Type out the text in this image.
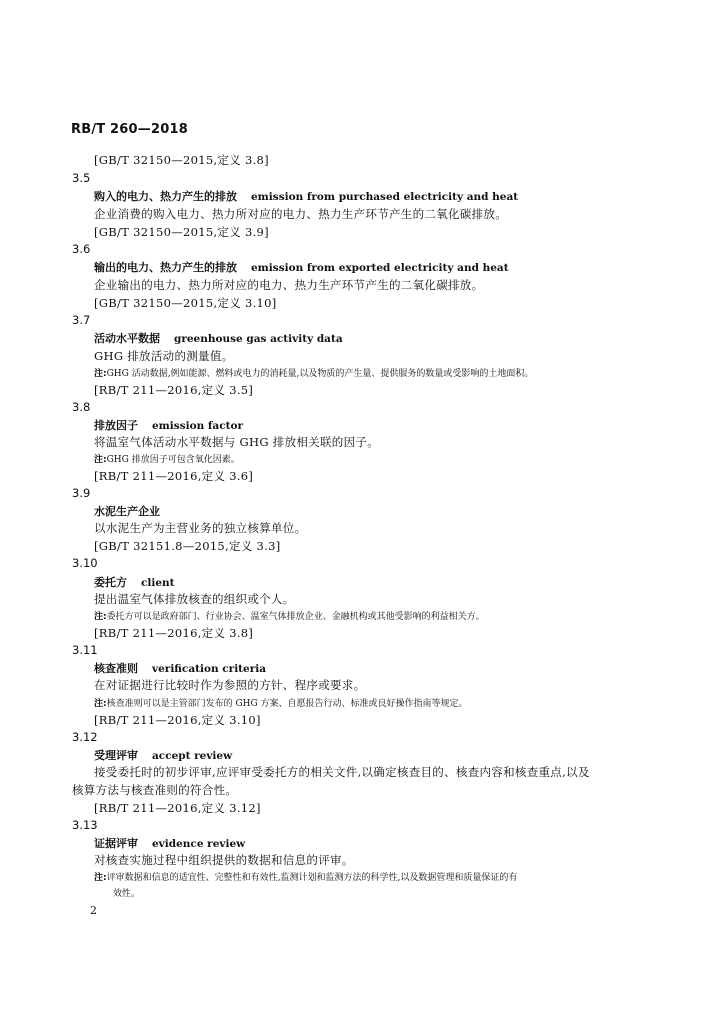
RB/T 260—2018
[GB/T 32150—2015,定义 3.8]
3.5
购入的电力、热力产生的排放 emission from purchased electricity and heat
企业消费的购入电力、热力所对应的电力、热力生产环节产生的二氧化碳排放。
[GB/T 32150—2015,定义 3.9]
3.6
输出的电力、热力产生的排放 emission from exported electricity and heat
企业输出的电力、热力所对应的电力、热力生产环节产生的二氧化碳排放。
[GB/T 32150—2015,定义 3.10]
3.7
活动水平数据 greenhouse gas activity data
GHG 排放活动的测量值。
注:GHG 活动数据,例如能源、燃料或电力的消耗量,以及物质的产生量、提供服务的数量或受影响的土地面积。
[RB/T 211—2016,定义 3.5]
3.8
排放因子 emission factor
将温室气体活动水平数据与 GHG 排放相关联的因子。
注:GHG 排放因子可包含氧化因素。
[RB/T 211—2016,定义 3.6]
3.9
水泥生产企业
以水泥生产为主营业务的独立核算单位。
[GB/T 32151.8—2015,定义 3.3]
3.10
委托方 client
提出温室气体排放核查的组织或个人。
注:委托方可以是政府部门、行业协会、温室气体排放企业、金融机构或其他受影响的利益相关方。
[RB/T 211—2016,定义 3.8]
3.11
核查准则 verification criteria
在对证据进行比较时作为参照的方针、程序或要求。
注:核查准则可以是主管部门发布的 GHG 方案、自愿报告行动、标准或良好操作指南等规定。
[RB/T 211—2016,定义 3.10]
3.12
受理评审 accept review
接受委托时的初步评审,应评审受委托方的相关文件,以确定核查目的、核查内容和核查重点,以及
核算方法与核查准则的符合性。
[RB/T 211—2016,定义 3.12]
3.13
证据评审 evidence review
对核查实施过程中组织提供的数据和信息的评审。
注:评审数据和信息的适宜性、完整性和有效性,监测计划和监测方法的科学性,以及数据管理和质量保证的有
效性。
2
